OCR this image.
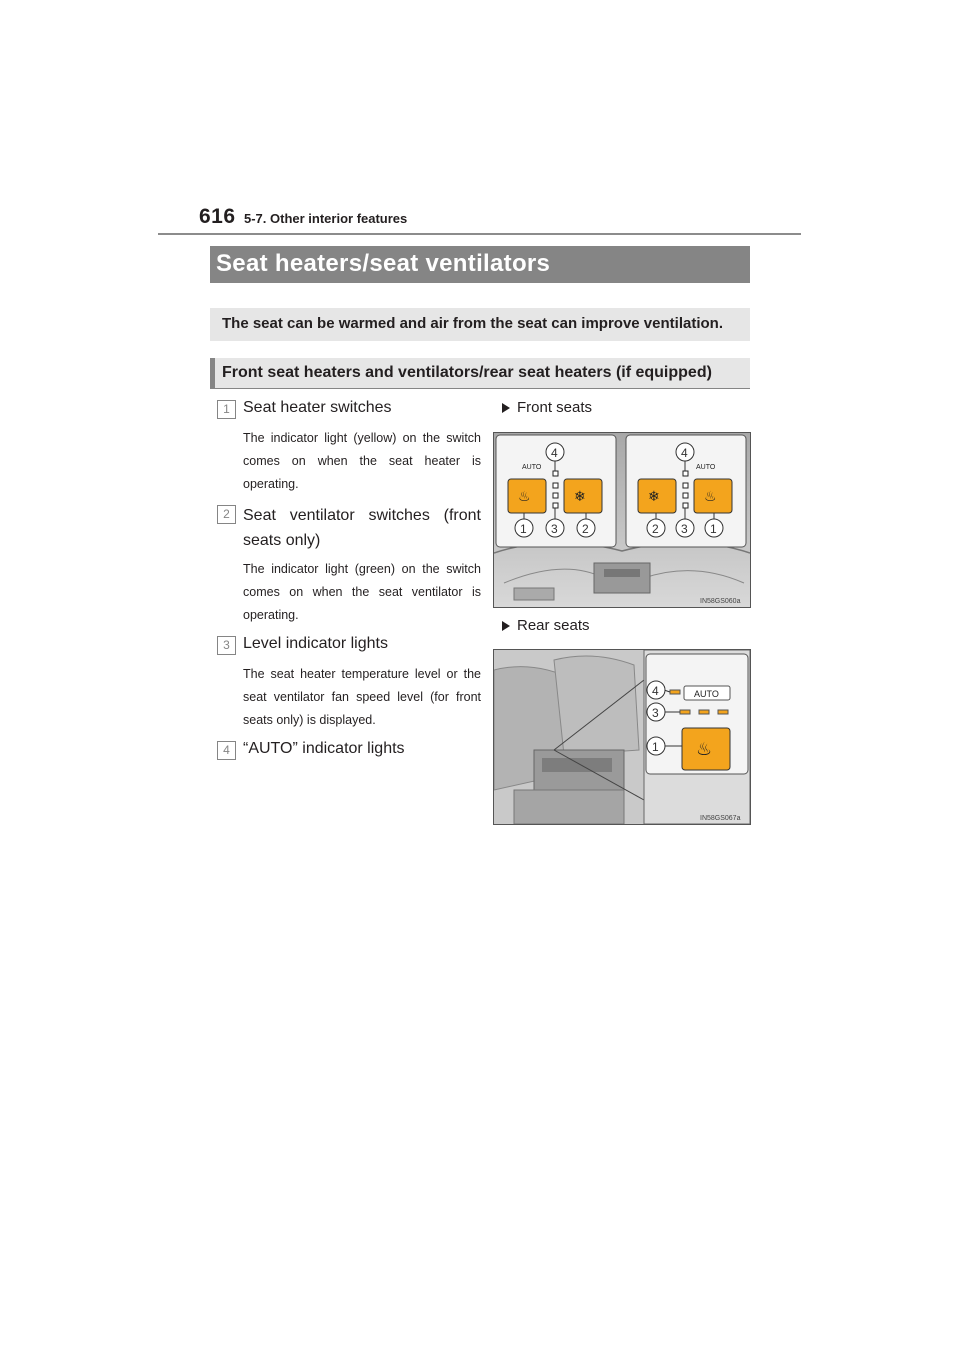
616 5-7. Other interior features
Seat heaters/seat ventilators
The seat can be warmed and air from the seat can improve ventilation.
Front seat heaters and ventilators/rear seat heaters (if equipped)
1 Seat heater switches
The indicator light (yellow) on the switch comes on when the seat heater is operating.
2 Seat ventilator switches (front seats only)
The indicator light (green) on the switch comes on when the seat ventilator is operating.
3 Level indicator lights
The seat heater temperature level or the seat ventilator fan speed level (for front seats only) is displayed.
4 “AUTO” indicator lights
Front seats
Rear seats
♨	❄	❄	♨
AUTO	AUTO
4	4
1 3 2	2 3 1
IN58GS060a
AUTO
♨
4
3
1
IN58GS067a
